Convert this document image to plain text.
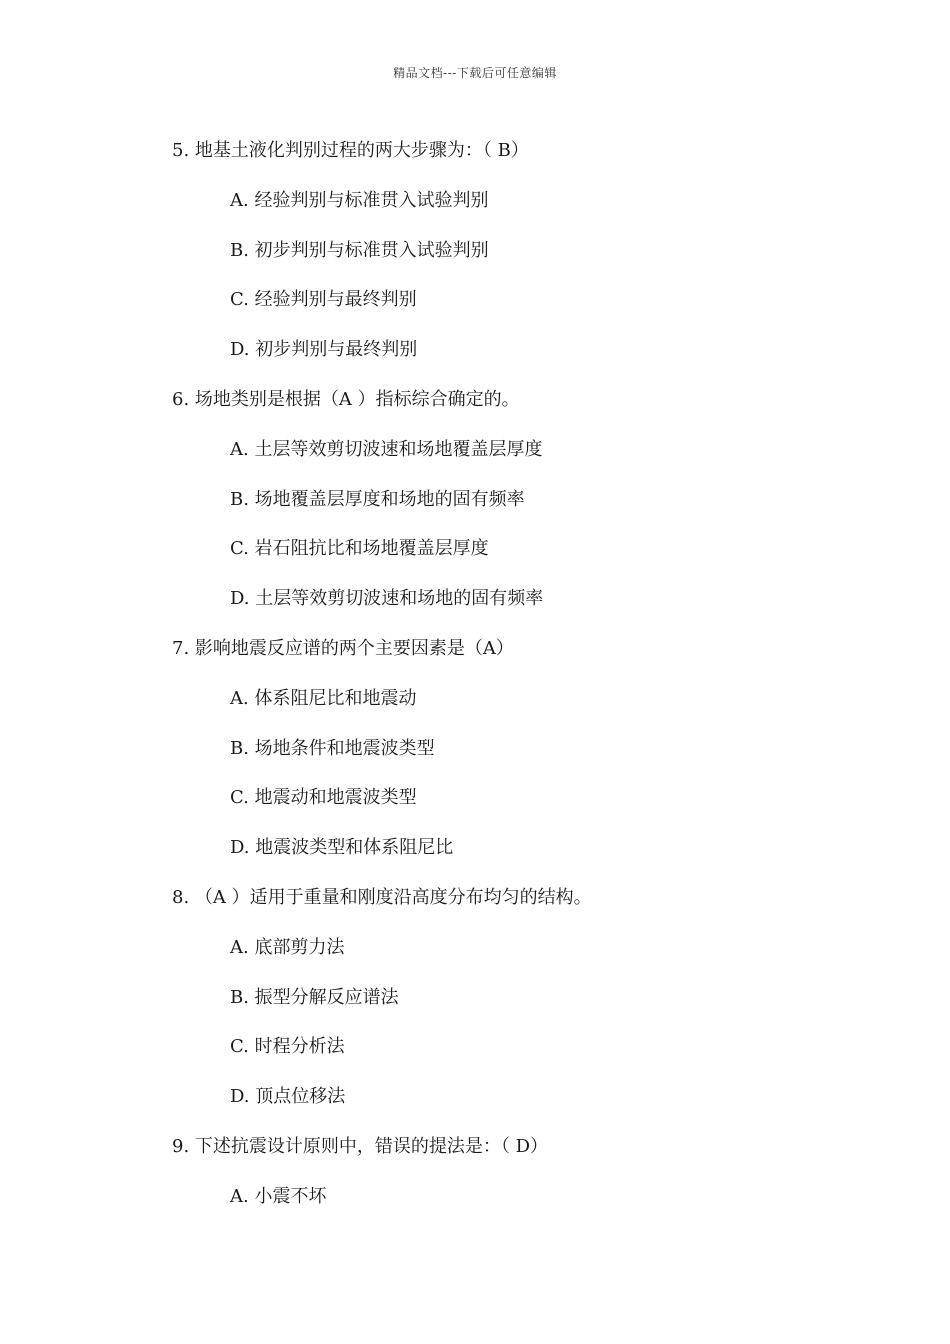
精品文档---下载后可任意编辑
5. 地基土液化判别过程的两大步骤为：（ B）
A. 经验判别与标准贯入试验判别
B. 初步判别与标准贯入试验判别
C. 经验判别与最终判别
D. 初步判别与最终判别
6. 场地类别是根据（A ）指标综合确定的。
A. 土层等效剪切波速和场地覆盖层厚度
B. 场地覆盖层厚度和场地的固有频率
C. 岩石阻抗比和场地覆盖层厚度
D. 土层等效剪切波速和场地的固有频率
7. 影响地震反应谱的两个主要因素是（A）
A. 体系阻尼比和地震动
B. 场地条件和地震波类型
C. 地震动和地震波类型
D. 地震波类型和体系阻尼比
8. （A ）适用于重量和刚度沿高度分布均匀的结构。
A. 底部剪力法
B. 振型分解反应谱法
C. 时程分析法
D. 顶点位移法
9. 下述抗震设计原则中，错误的提法是：（ D）
A. 小震不坏
